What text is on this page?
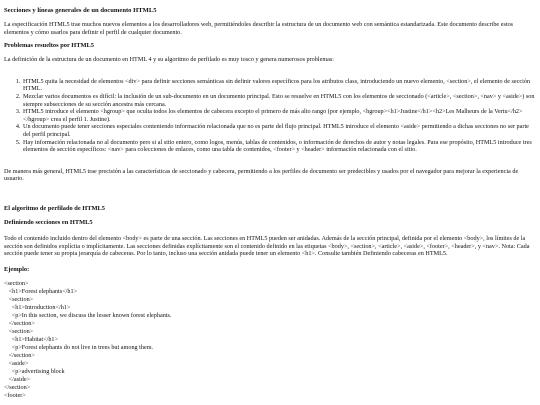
Secciones y líneas generales de un documento HTML5

La especificación HTML5 trae muchos nuevos elementos a los desarrolladores web, permitiéndoles describir la estructura de un documento web con semántica estandarizada. Este documento describe estos elementos y cómo usarlos para definir el perfil de cualquier documento.

Problemas resueltos por HTML5

La definición de la estructura de un documento en HTML 4 y su algoritmo de perfilado es muy tosco y genera numerosos problemas:

1. HTML5 quita la necesidad de elementos <div> para definir secciones semánticas sin definir valores específicos para los atributos class, introduciendo un nuevo elemento, <section>, el elemento de sección HTML.
2. Mezclar varios documentos es difícil: la inclusión de un sub-documento en un documento principal. Esto se resuelve en HTML5 con los elementos de seccionado (<article>, <section>, <nav> y <aside>) son siempre subsecciones de su sección ancestra más cercana.
3. HTML5 introduce el elemento <hgroup> que oculta todos los elementos de cabecera excepto el primero de más alto rango (por ejemplo, <hgroup><h1>Justine</h1><h2>Les Malheurs de la Vertu</h2></hgroup> crea el perfil 1. Justine).
4. Un documento puede tener secciones especiales conteniendo información relacionada que no es parte del flujo principal. HTML5 introduce el elemento <aside> permitiendo a dichas secciones no ser parte del perfil principal.
5. Hay información relacionada no al documento pero si al sitio entero, como logos, menús, tablas de contenidos, o información de derechos de autor y notas legales. Para ese propósito, HTML5 introduce tres elementos de sección específicos: <nav> para colecciones de enlaces, como una tabla de contenidos, <footer> y <header> información relacionada con el sitio.

De manera más general, HTML5 trae precisión a las características de seccionado y cabecera, permitiendo a los perfiles de documento ser predecibles y usados por el navegador para mejorar la experiencia de usuario.

El algoritmo de perfilado de HTML5
Definiendo secciones en HTML5

Todo el contenido incluido dentro del elemento <body> es parte de una sección. Las secciones en HTML5 pueden ser anidadas. Además de la sección principal, definida por el elemento <body>, los límites de la sección son definidos explícita o implícitamente. Las secciones definidas explícitamente son el contenido definido en las etiquetas <body>, <section>, <article>, <aside>, <footer>, <header>, y <nav>. Nota: Cada sección puede tener su propia jerarquía de cabeceras. Por lo tanto, incluso una sección anidada puede tener un elemento <h1>. Consulte también Definiendo cabeceras en HTML5.

Ejemplo:
<section>
<h1>Forest elephants</h1>
<section>
<h1>Introduction</h1>
<p>In this section, we discuss the lesser known forest elephants.
</section>
<section>
<h1>Habitat</h1>
<p>Forest elephants do not live in trees but among them.
</section>
<aside>
<p>advertising block
</aside>
</section>
<footer>
